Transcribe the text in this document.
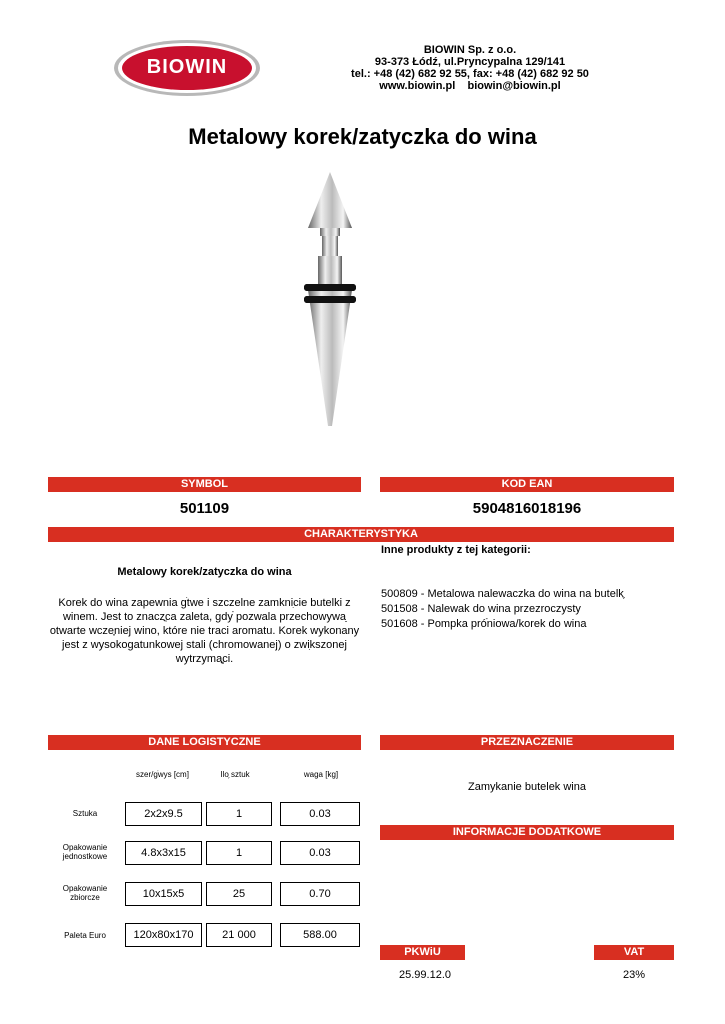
BIOWIN
BIOWIN Sp. z o.o.
93-373 Łódź, ul.Pryncypalna 129/141
tel.: +48 (42) 682 92 55, fax: +48 (42) 682 92 50
www.biowin.pl biowin@biowin.pl
Metalowy korek/zatyczka do wina
SYMBOL	KOD EAN
501109	5904816018196
CHARAKTERYSTYKA
Metalowy korek/zatyczka do wina
Korek do wina zapewnia gֹtwe i szczelne zamkniִcie butelki z winem. Jest to znaczֳca zaleta, gdyֿ pozwala przechowywaֵ otwarte wczeֶniej wino, które nie traci aromatu. Korek wykonany jest z wysokogatunkowej stali (chromowanej) o zwiִkszonej wytrzymaֳֶci.
Inne produkty z tej kategorii:
500809 - Metalowa nalewaczka do wina na butelkֶ
501508 - Nalewak do wina przezroczysty
501608 - Pompka próֿniowa/korek do wina
DANE LOGISTYCZNE
szer/gֹֹwys [cm]	Iloֶ sztuk	waga [kg]
Sztuka	2x2x9.5	1	0.03
Opakowanie jednostkowe	4.8x3x15	1	0.03
Opakowanie zbiorcze	10x15x5	25	0.70
Paleta Euro	120x80x170	21 000	588.00
PRZEZNACZENIE
Zamykanie butelek wina
INFORMACJE DODATKOWE
PKWiU	VAT
25.99.12.0	23%
